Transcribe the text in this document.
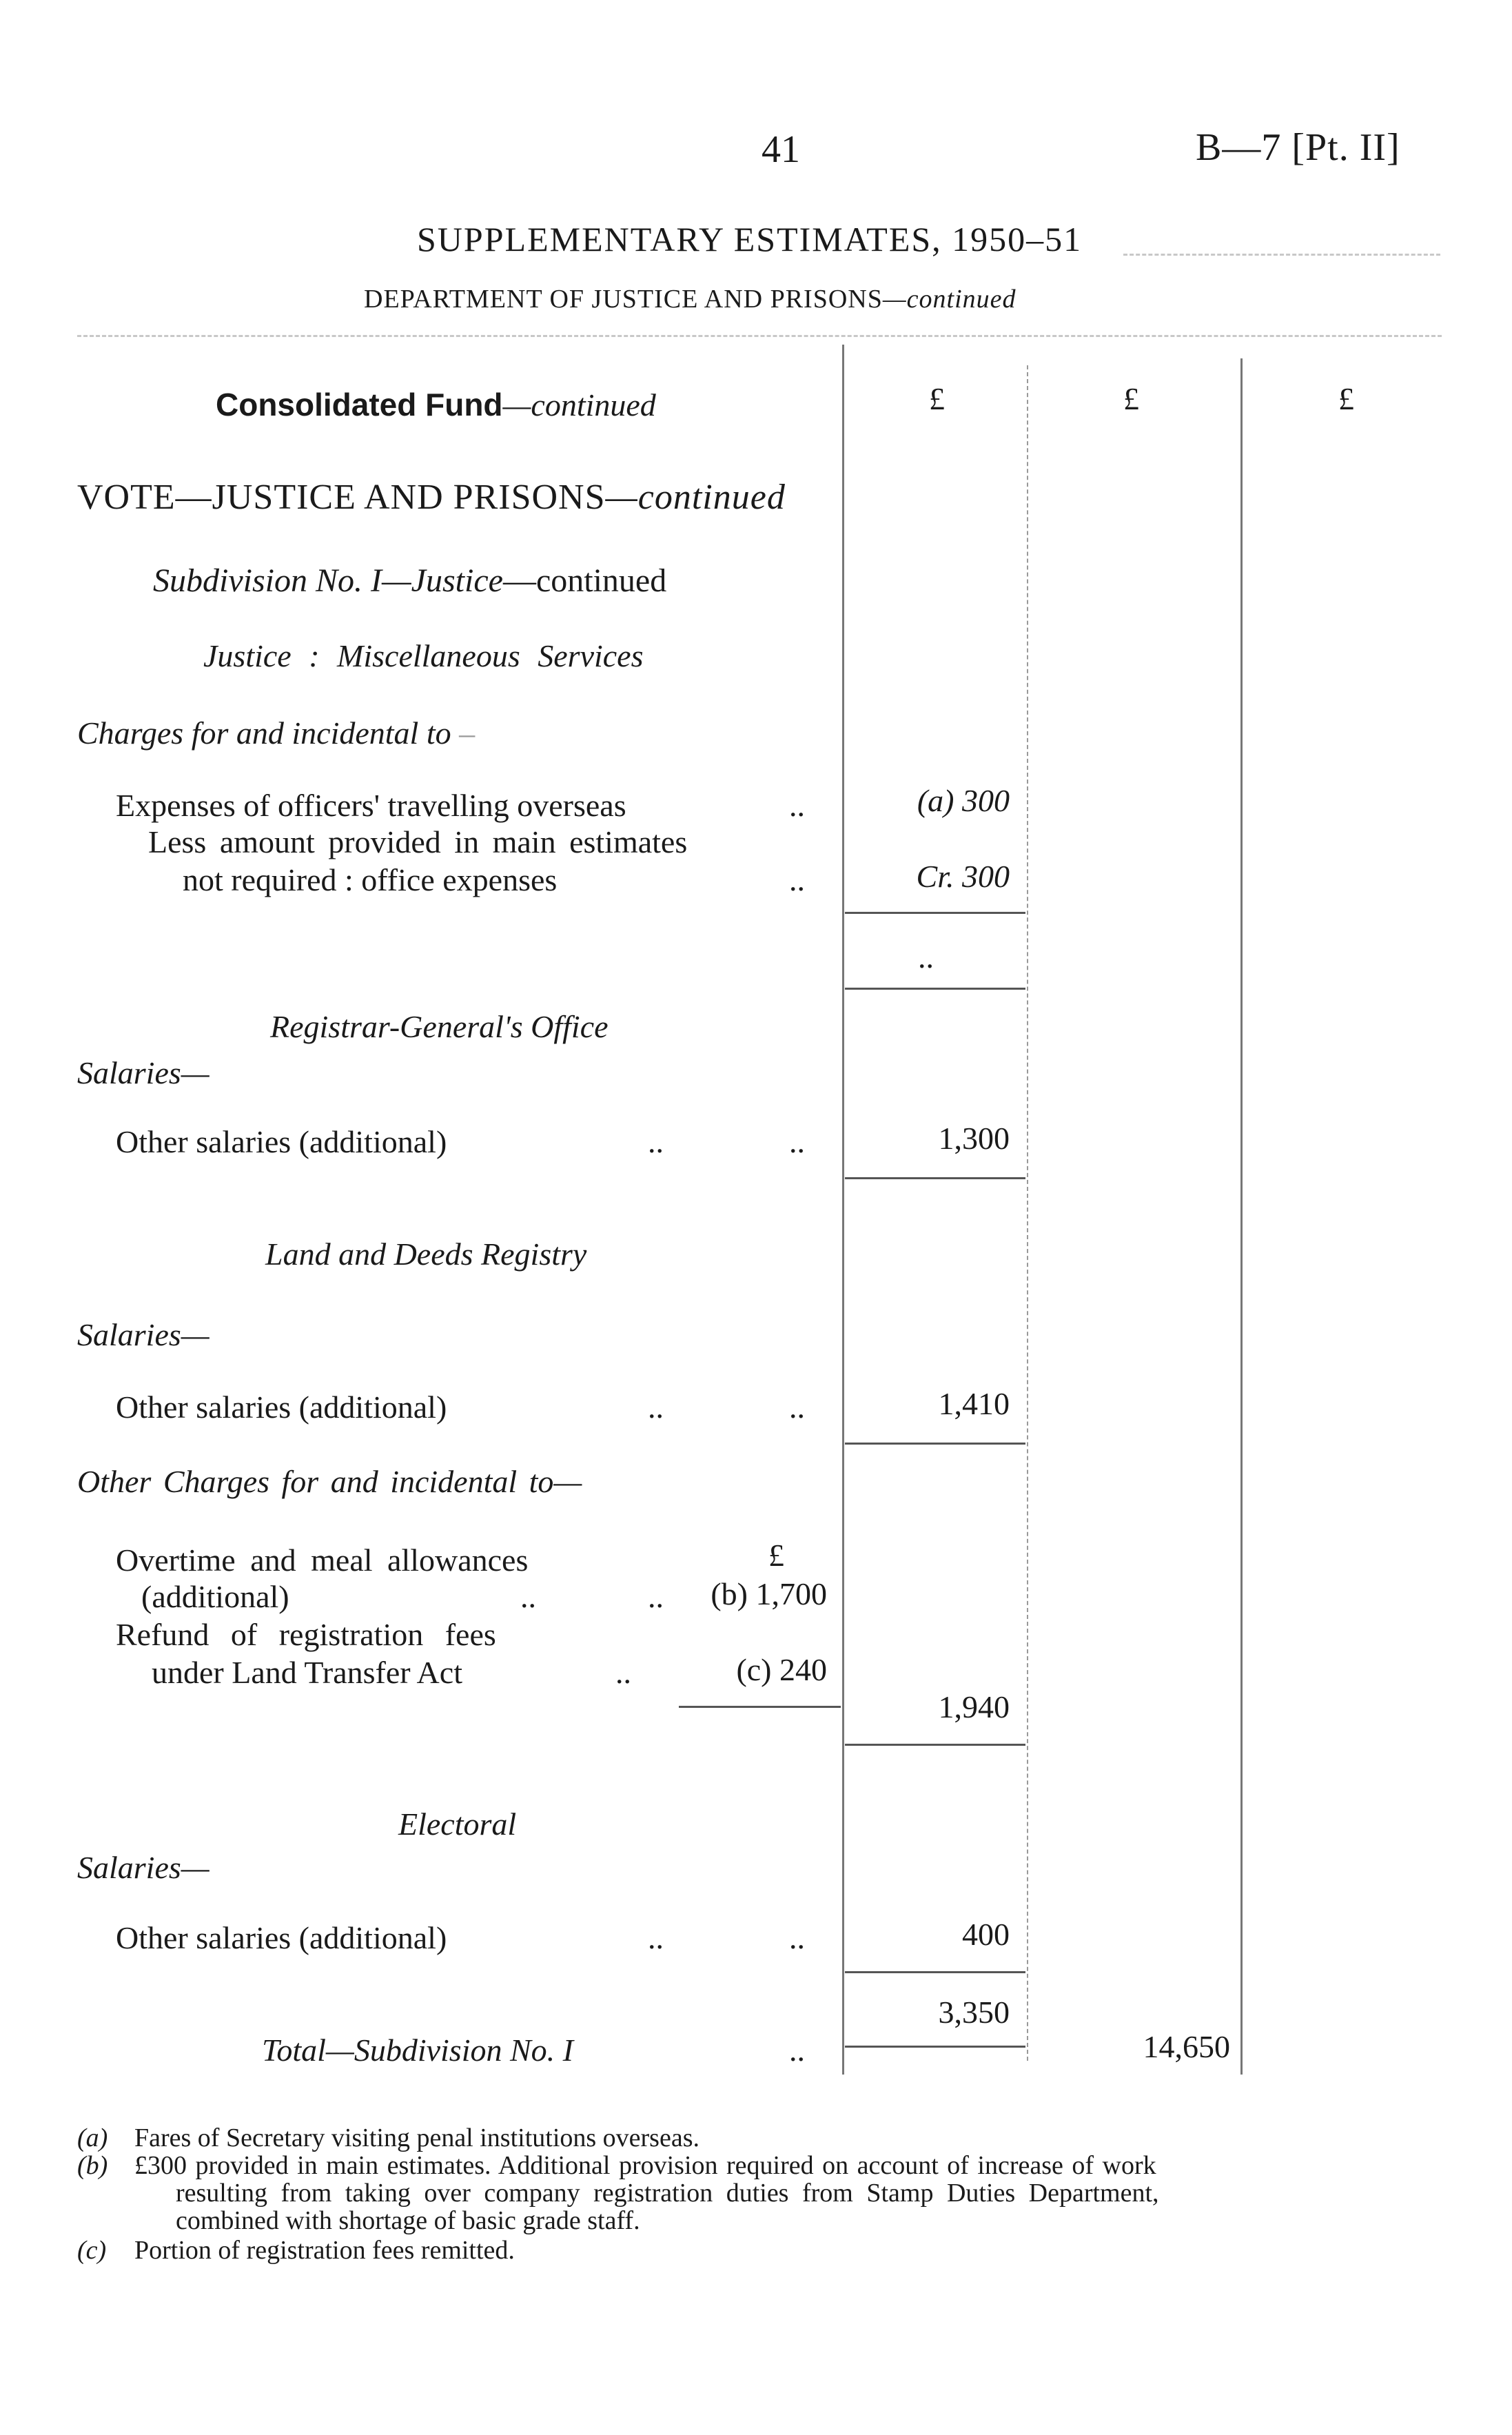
41	B—7 [Pt. II]
SUPPLEMENTARY ESTIMATES, 1950–51
DEPARTMENT OF JUSTICE AND PRISONS—continued
Consolidated Fund—continued	£	£	£
VOTE—JUSTICE AND PRISONS—continued
Subdivision No. I—Justice—continued
Justice : Miscellaneous Services
Charges for and incidental to –
Expenses of officers' travelling overseas	..	(a) 300
Less amount provided in main estimates
not required : office expenses	..	Cr. 300
..
Registrar-General's Office
Salaries—
Other salaries (additional)	..	..	1,300
Land and Deeds Registry
Salaries—
Other salaries (additional)	..	..	1,410
Other Charges for and incidental to—
£
Overtime and meal allowances
(additional)	..	..	(b) 1,700
Refund of registration fees
under Land Transfer Act	..	(c) 240
1,940
Electoral
Salaries—
Other salaries (additional)	..	..	400
3,350
Total—Subdivision No. I	..	14,650
(a) Fares of Secretary visiting penal institutions overseas.
(b) £300 provided in main estimates. Additional provision required on account of increase of work
resulting from taking over company registration duties from Stamp Duties Department,
combined with shortage of basic grade staff.
(c) Portion of registration fees remitted.
